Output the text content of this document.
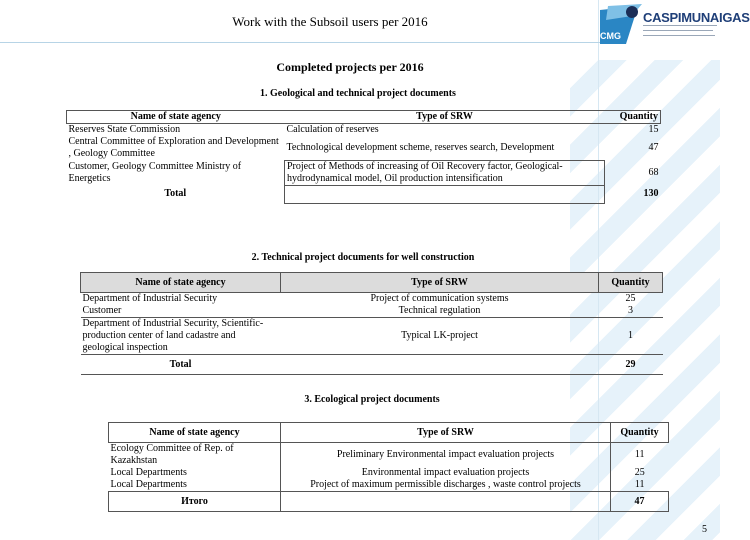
Work with the Subsoil users per 2016
CMG
CASPIMUNAIGAS
Completed projects per 2016
1. Geological and technical project documents
Name of state agency	Type of SRW	Quantity
Reserves State Commission	Calculation of reserves	15
Central Committee of Exploration and Development , Geology Committee	Technological development scheme, reserves search, Development	47
Customer, Geology Committee Ministry of Energetics	Project of Methods of increasing of Oil Recovery factor, Geological-hydrodynamical model, Oil production intensification	68
Total		130
2. Technical project documents for well construction
Name of state agency	Type of SRW	Quantity
Department of Industrial Security	Project of communication systems	25
Customer	Technical regulation	3
Department of Industrial Security, Scientific- production center of land cadastre and geological inspection	Typical LK-project	1
Total		29
3. Ecological project documents
Name of state agency	Type of SRW	Quantity
Ecology Committee of Rep. of Kazakhstan	Preliminary Environmental impact evaluation projects	11
Local Departments	Environmental impact evaluation projects	25
Local Departments	Project of maximum permissible discharges , waste control projects	11
Итого		47
5
